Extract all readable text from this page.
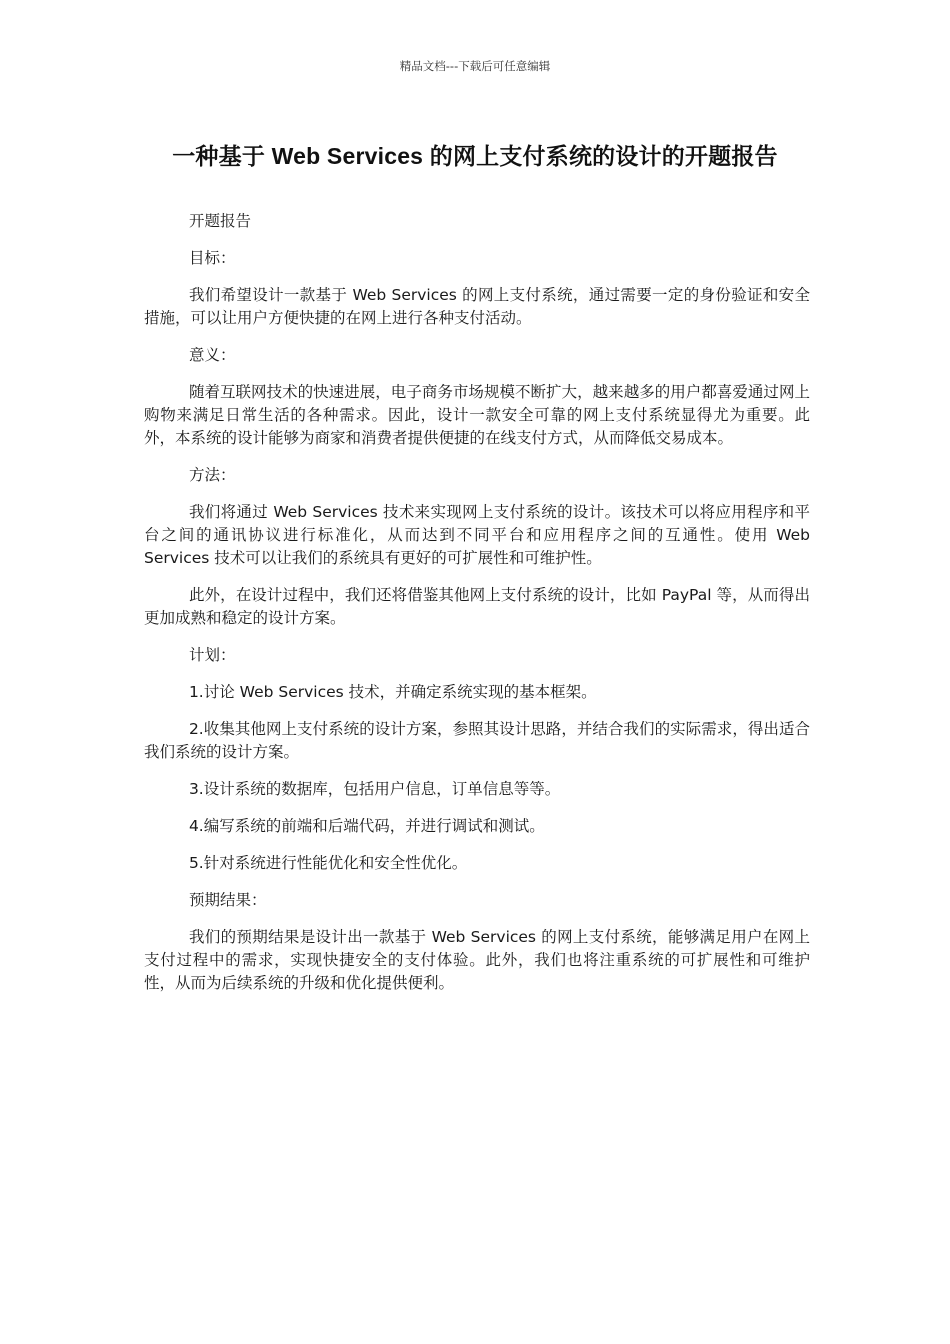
精品文档---下载后可任意编辑
一种基于 Web Services 的网上支付系统的设计的开题报告

开题报告

目标：

我们希望设计一款基于 Web Services 的网上支付系统，通过需要一定的身份验证和安全措施，可以让用户方便快捷的在网上进行各种支付活动。

意义：

随着互联网技术的快速进展，电子商务市场规模不断扩大，越来越多的用户都喜爱通过网上购物来满足日常生活的各种需求。因此，设计一款安全可靠的网上支付系统显得尤为重要。此外，本系统的设计能够为商家和消费者提供便捷的在线支付方式，从而降低交易成本。

方法：

我们将通过 Web Services 技术来实现网上支付系统的设计。该技术可以将应用程序和平台之间的通讯协议进行标准化，从而达到不同平台和应用程序之间的互通性。使用 Web Services 技术可以让我们的系统具有更好的可扩展性和可维护性。

此外，在设计过程中，我们还将借鉴其他网上支付系统的设计，比如 PayPal 等，从而得出更加成熟和稳定的设计方案。

计划：

1.讨论 Web Services 技术，并确定系统实现的基本框架。

2.收集其他网上支付系统的设计方案，参照其设计思路，并结合我们的实际需求，得出适合我们系统的设计方案。

3.设计系统的数据库，包括用户信息，订单信息等等。

4.编写系统的前端和后端代码，并进行调试和测试。

5.针对系统进行性能优化和安全性优化。

预期结果：

我们的预期结果是设计出一款基于 Web Services 的网上支付系统，能够满足用户在网上支付过程中的需求，实现快捷安全的支付体验。此外，我们也将注重系统的可扩展性和可维护性，从而为后续系统的升级和优化提供便利。
